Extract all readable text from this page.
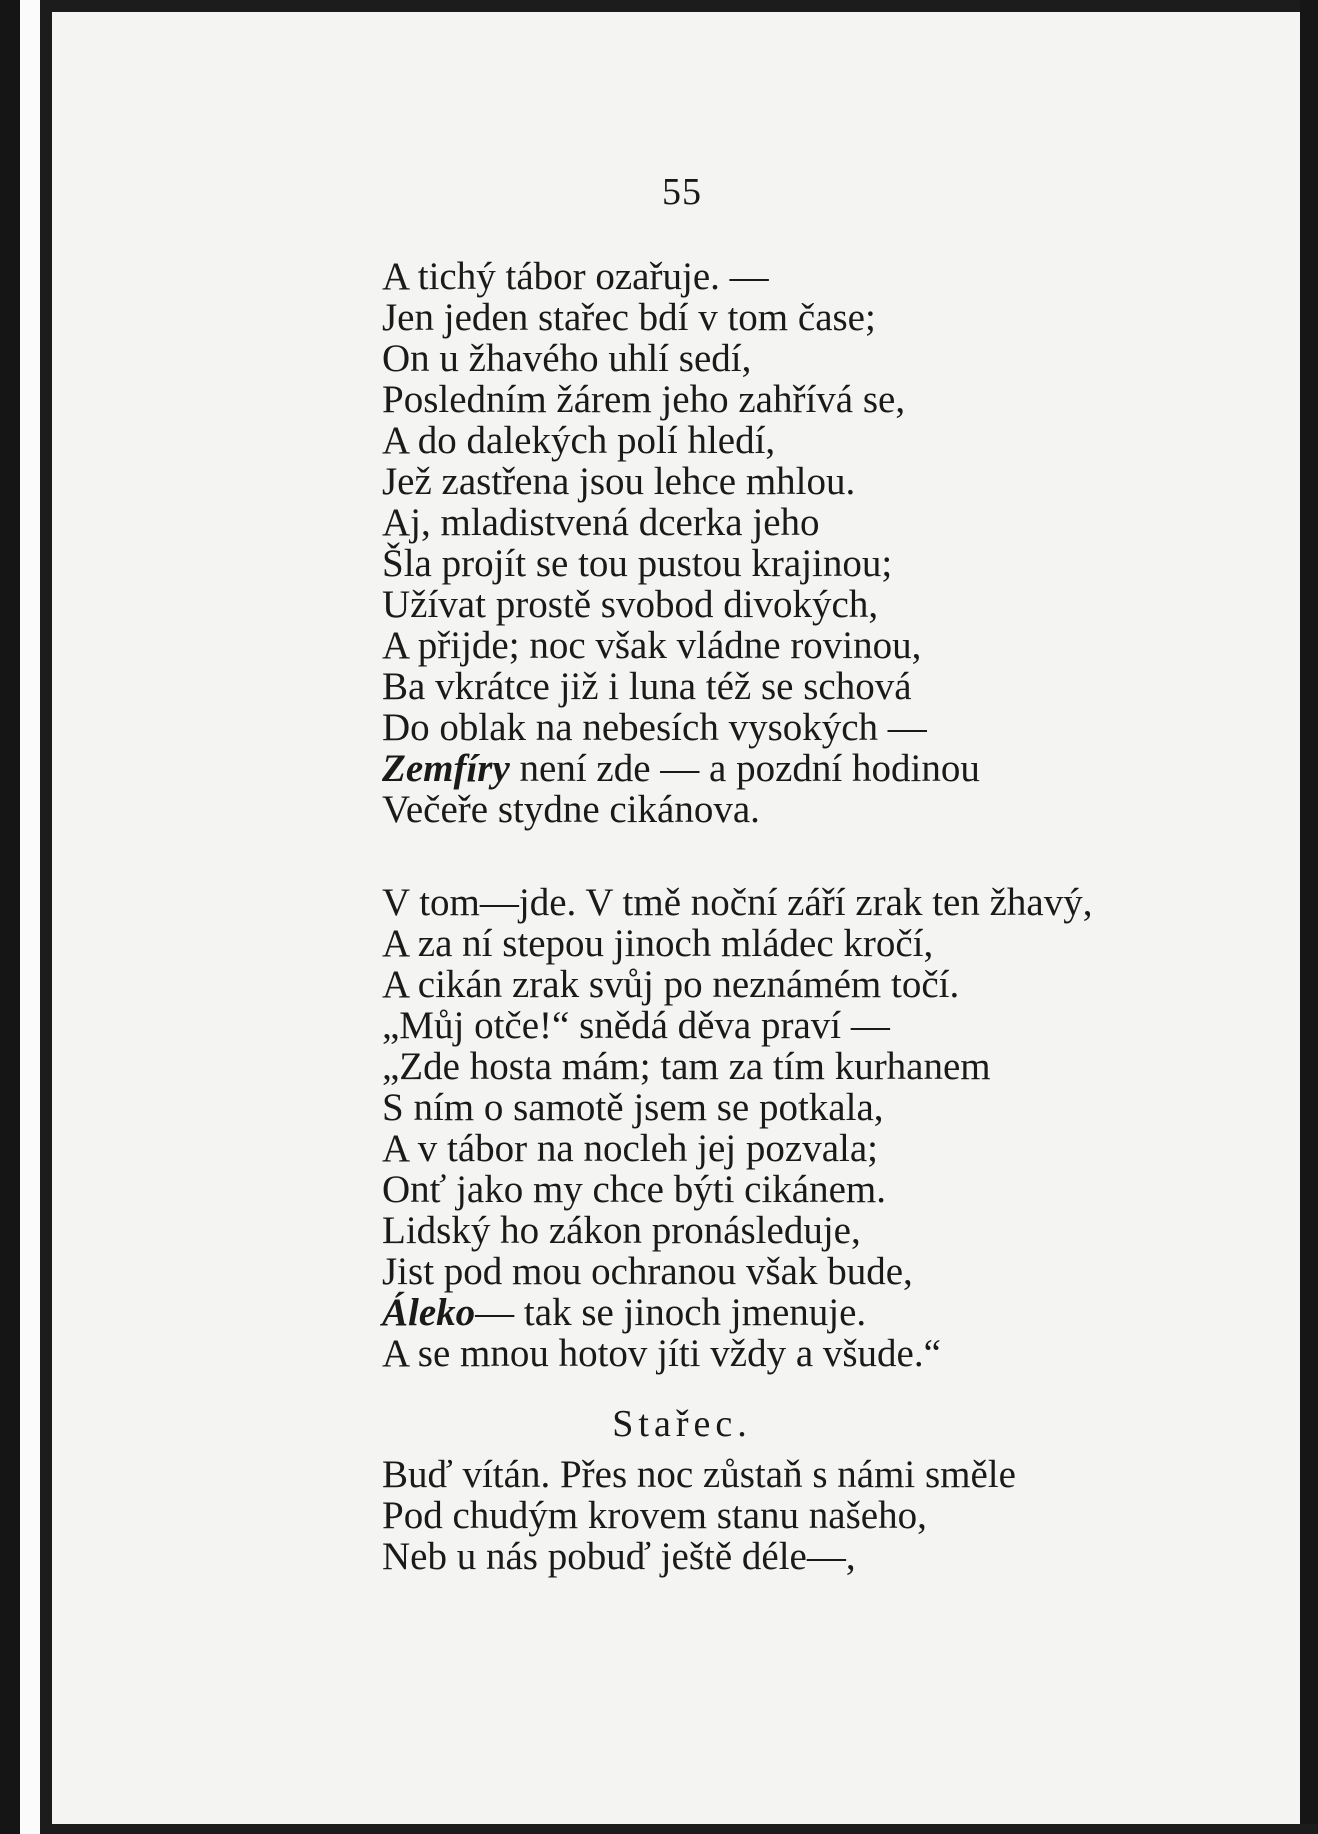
55
A tichý tábor ozařuje. —
Jen jeden stařec bdí v tom čase;
On u žhavého uhlí sedí,
Posledním žárem jeho zahřívá se,
A do dalekých polí hledí,
Jež zastřena jsou lehce mhlou.
Aj, mladistvená dcerka jeho
Šla projít se tou pustou krajinou;
Užívat prostě svobod divokých,
A přijde; noc však vládne rovinou,
Ba vkrátce již i luna též se schová
Do oblak na nebesích vysokých —
Zemfíry není zde — a pozdní hodinou
Večeře stydne cikánova.
V tom—jde. V tmě noční září zrak ten žhavý,
A za ní stepou jinoch mládec kročí,
A cikán zrak svůj po neznámém točí.
„Můj otče!“ snědá děva praví —
„Zde hosta mám; tam za tím kurhanem
S ním o samotě jsem se potkala,
A v tábor na nocleh jej pozvala;
Onť jako my chce býti cikánem.
Lidský ho zákon pronásleduje,
Jist pod mou ochranou však bude,
Áleko— tak se jinoch jmenuje.
A se mnou hotov jíti vždy a všude.“
Stařec.
Buď vítán. Přes noc zůstaň s námi směle
Pod chudým krovem stanu našeho,
Neb u nás pobuď ještě déle—,
